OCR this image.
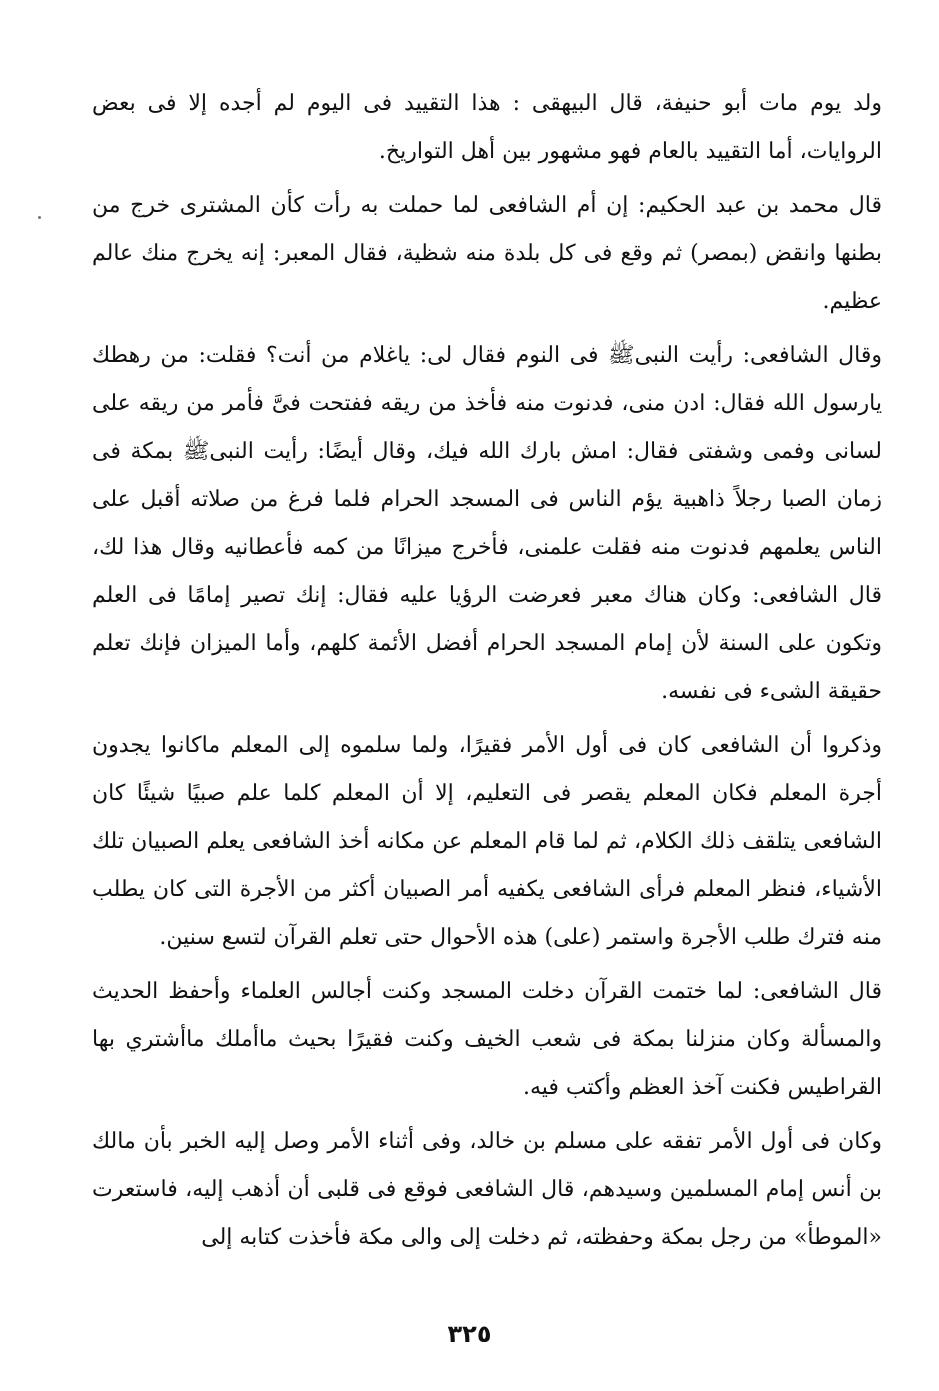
ولد يوم مات أبو حنيفة، قال البيهقى : هذا التقييد فى اليوم لم أجده إلا فى بعض الروايات، أما التقييد بالعام فهو مشهور بين أهل التواريخ.

قال محمد بن عبد الحكيم: إن أم الشافعى لما حملت به رأت كأن المشترى خرج من بطنها وانقض (بمصر) ثم وقع فى كل بلدة منه شظية، فقال المعبر: إنه يخرج منك عالم عظيم.

وقال الشافعى: رأيت النبىﷺ فى النوم فقال لى: ياغلام من أنت؟ فقلت: من رهطك يارسول الله فقال: ادن منى، فدنوت منه فأخذ من ريقه ففتحت فىَّ فأمر من ريقه على لسانى وفمى وشفتى فقال: امش بارك الله فيك، وقال أيضًا: رأيت النبىﷺ بمكة فى زمان الصبا رجلاً ذاهبية يؤم الناس فى المسجد الحرام فلما فرغ من صلاته أقبل على الناس يعلمهم فدنوت منه فقلت علمنى، فأخرج ميزانًا من كمه فأعطانيه وقال هذا لك، قال الشافعى: وكان هناك معبر فعرضت الرؤيا عليه فقال: إنك تصير إمامًا فى العلم وتكون على السنة لأن إمام المسجد الحرام أفضل الأئمة كلهم، وأما الميزان فإنك تعلم حقيقة الشىء فى نفسه.

وذكروا أن الشافعى كان فى أول الأمر فقيرًا، ولما سلموه إلى المعلم ماكانوا يجدون أجرة المعلم فكان المعلم يقصر فى التعليم، إلا أن المعلم كلما علم صبيًا شيئًا كان الشافعى يتلقف ذلك الكلام، ثم لما قام المعلم عن مكانه أخذ الشافعى يعلم الصبيان تلك الأشياء، فنظر المعلم فرأى الشافعى يكفيه أمر الصبيان أكثر من الأجرة التى كان يطلب منه فترك طلب الأجرة واستمر (على) هذه الأحوال حتى تعلم القرآن لتسع سنين.

قال الشافعى: لما ختمت القرآن دخلت المسجد وكنت أجالس العلماء وأحفظ الحديث والمسألة وكان منزلنا بمكة فى شعب الخيف وكنت فقيرًا بحيث ماأملك ماأشتري بها القراطيس فكنت آخذ العظم وأكتب فيه.

وكان فى أول الأمر تفقه على مسلم بن خالد، وفى أثناء الأمر وصل إليه الخبر بأن مالك بن أنس إمام المسلمين وسيدهم، قال الشافعى فوقع فى قلبى أن أذهب إليه، فاستعرت «الموطأ» من رجل بمكة وحفظته، ثم دخلت إلى والى مكة فأخذت كتابه إلى

٣٢٥
